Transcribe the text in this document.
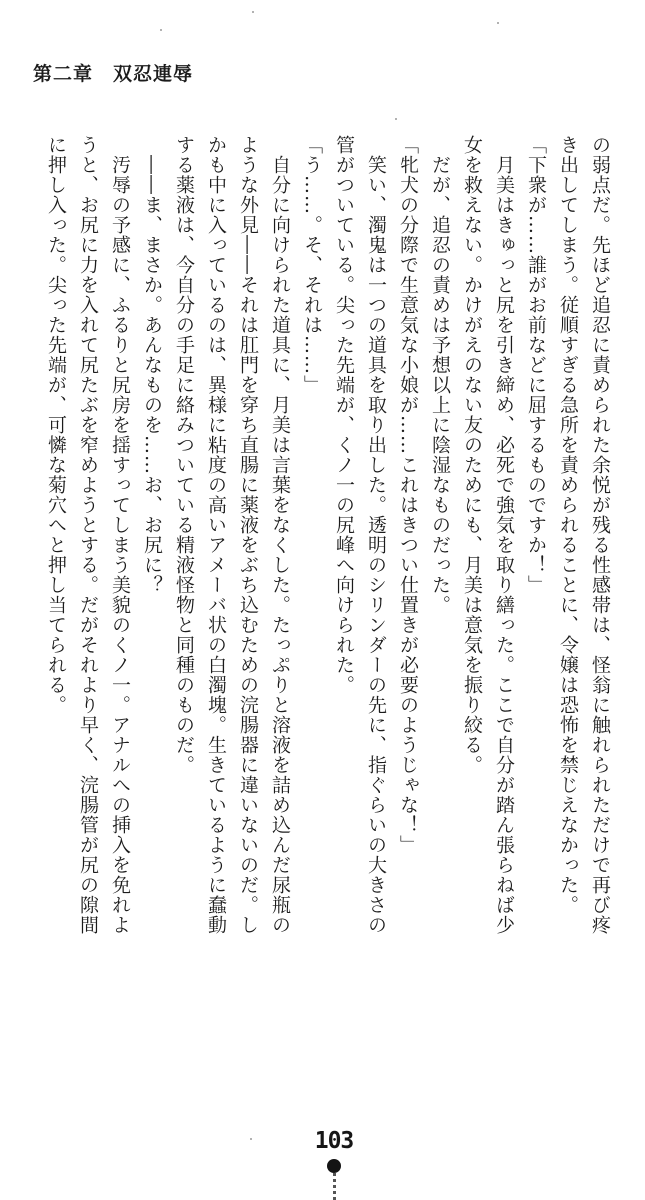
第二章　双忍連辱

の弱点だ。先ほど追忍に責められた余悦が残る性感帯は、怪翁に触れられただけで再び疼

き出してしまう。従順すぎる急所を責められることに、令嬢は恐怖を禁じえなかった。

「下衆が……誰がお前などに屈するものですか！」

月美はきゅっと尻を引き締め、必死で強気を取り繕った。ここで自分が踏ん張らねば少

女を救えない。かけがえのない友のためにも、月美は意気を振り絞る。

だが、追忍の責めは予想以上に陰湿なものだった。

「牝犬の分際で生意気な小娘が……これはきつい仕置きが必要のようじゃな！」

笑い、濁鬼は一つの道具を取り出した。透明のシリンダーの先に、指ぐらいの大きさの

管がついている。尖った先端が、くノ一の尻峰へ向けられた。

「う……。そ、それは……」

自分に向けられた道具に、月美は言葉をなくした。たっぷりと溶液を詰め込んだ尿瓶の

ような外見――それは肛門を穿ち直腸に薬液をぶち込むための浣腸器に違いないのだ。し

かも中に入っているのは、異様に粘度の高いアメーバ状の白濁塊。生きているように蠢動

する薬液は、今自分の手足に絡みついている精液怪物と同種のものだ。

――ま、まさか。あんなものを……お、お尻に？

汚辱の予感に、ふるりと尻房を揺すってしまう美貌のくノ一。アナルへの挿入を免れよ

うと、お尻に力を入れて尻たぶを窄めようとする。だがそれより早く、浣腸管が尻の隙間

に押し入った。尖った先端が、可憐な菊穴へと押し当てられる。

103
